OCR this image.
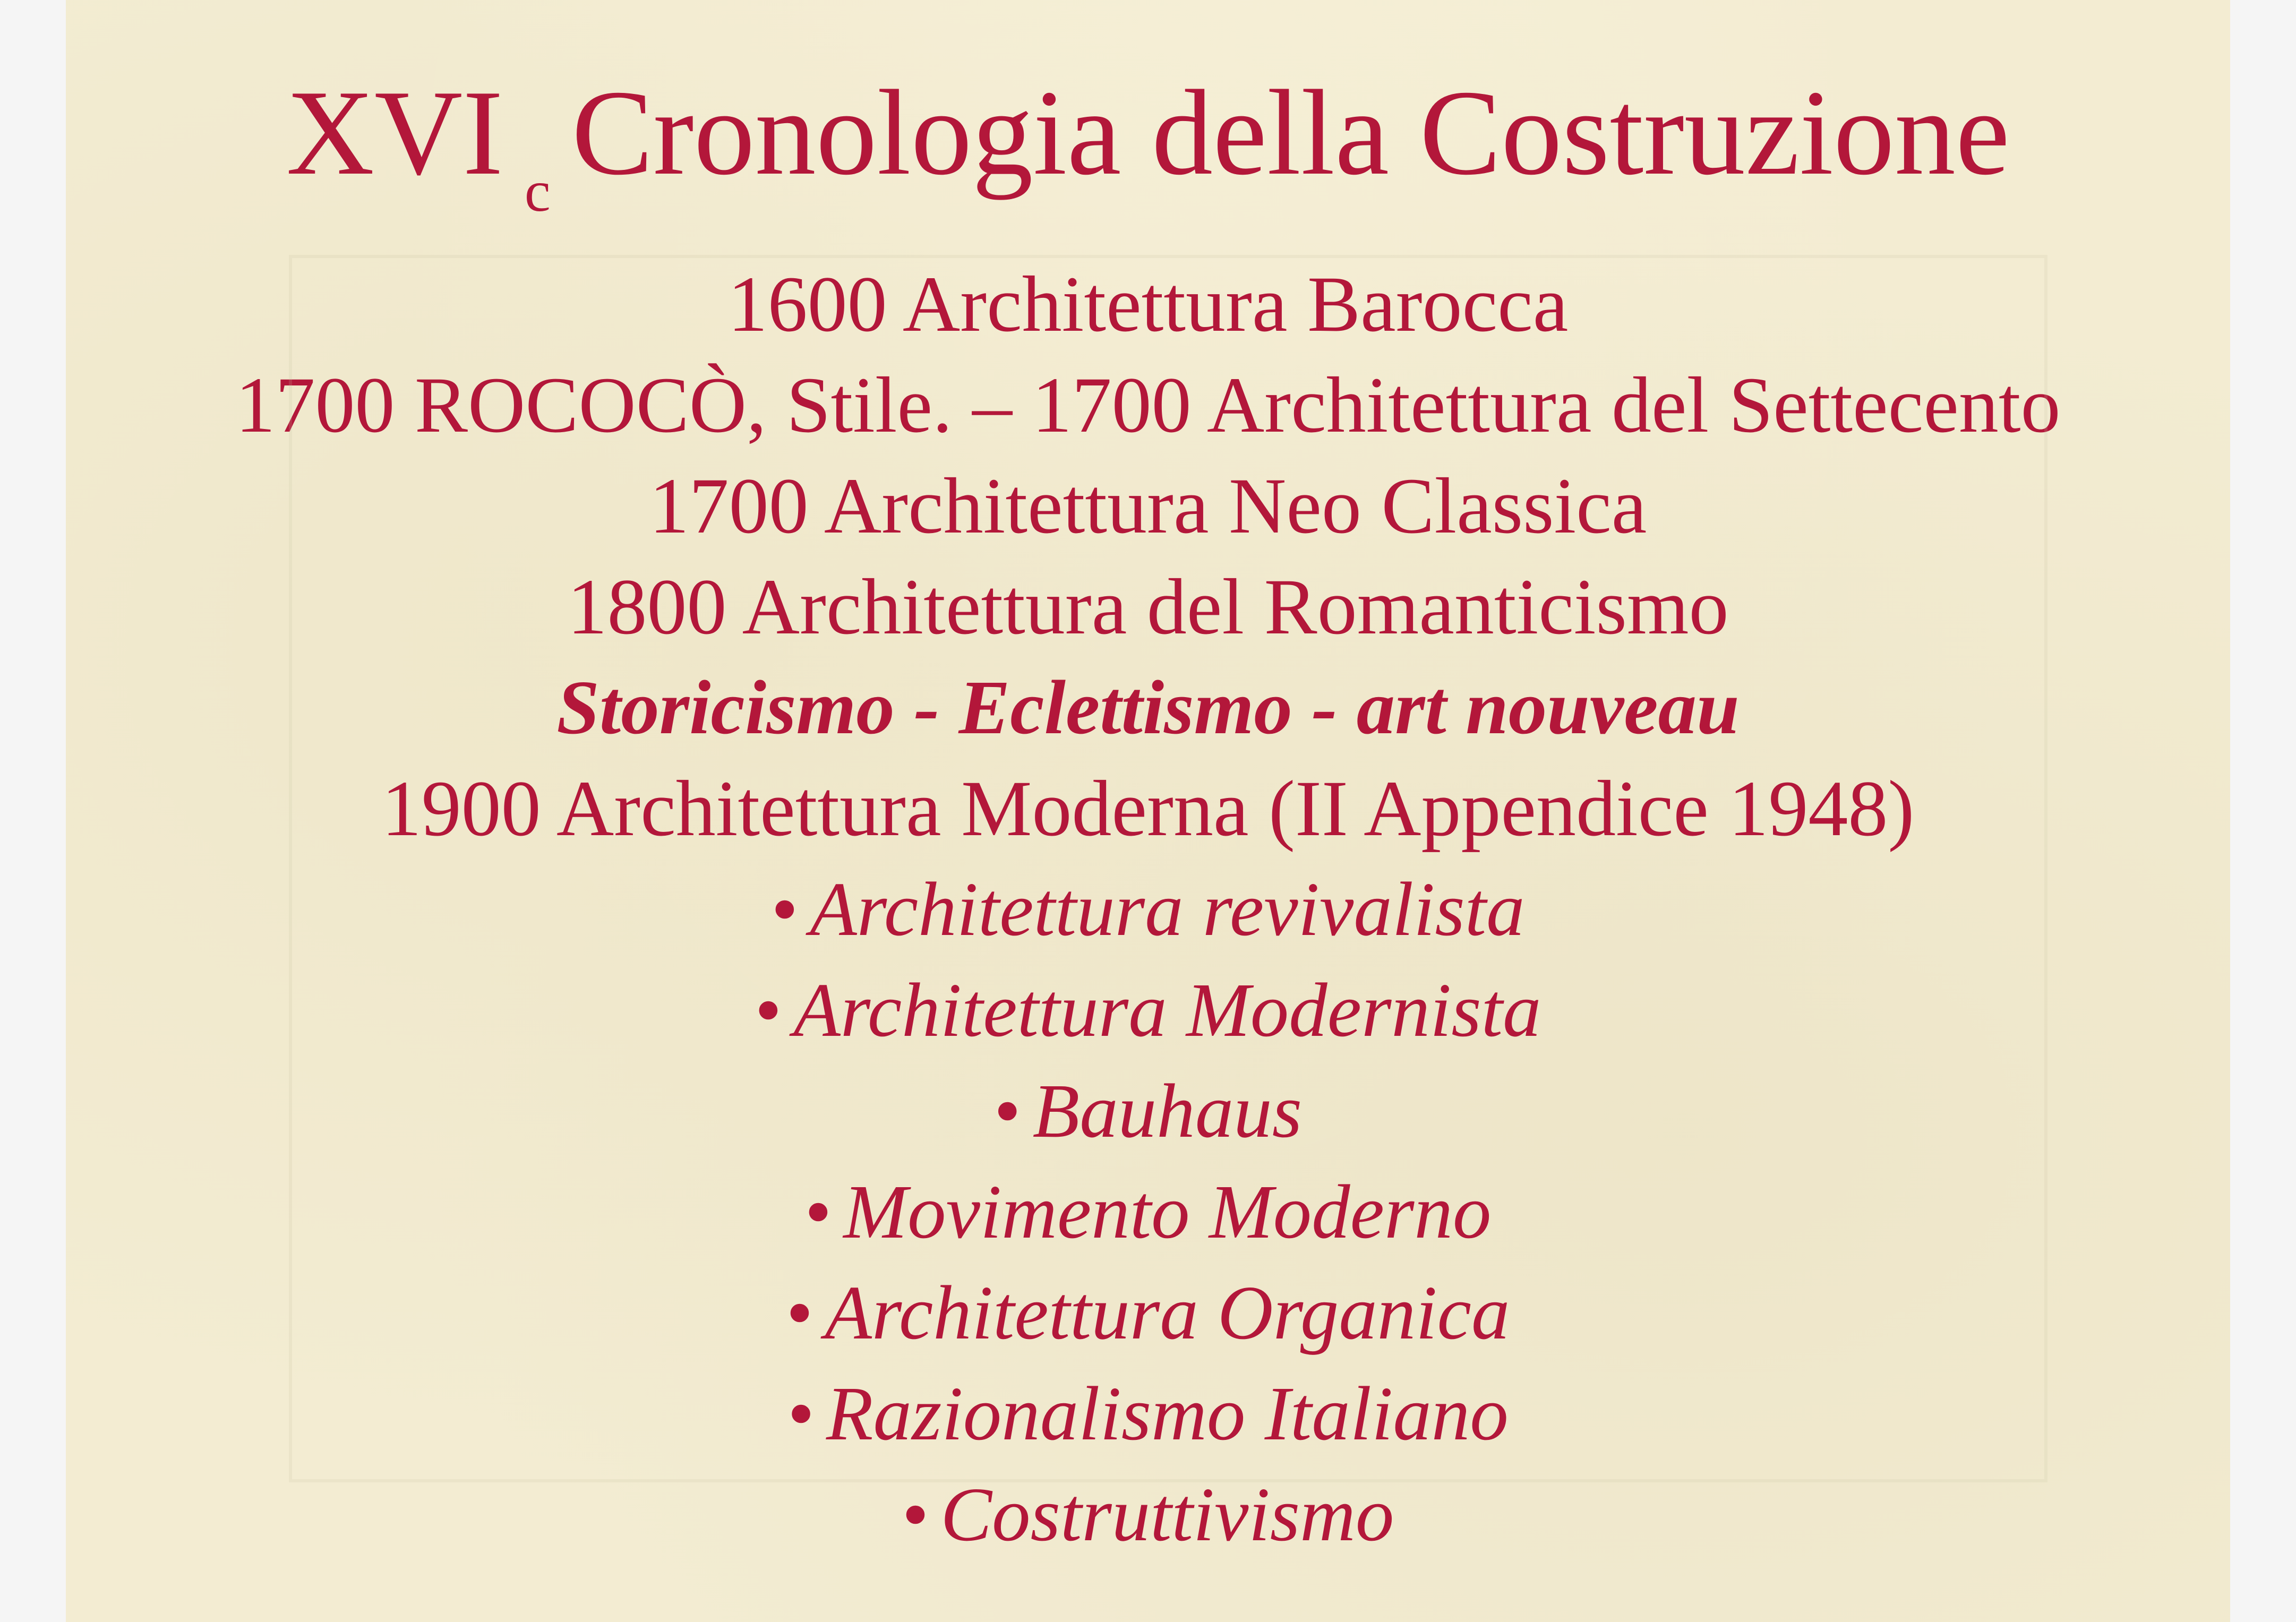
XVI $_c$ Cronologia della Costruzione
1600 Architettura Barocca
1700 ROCOCÒ, Stile. – 1700 Architettura del Settecento
1700 Architettura Neo Classica
1800 Architettura del Romanticismo
Storicismo - Eclettismo - art nouveau
1900 Architettura Moderna (II Appendice 1948)
• Architettura revivalista
• Architettura Modernista
• Bauhaus
• Movimento Moderno
• Architettura Organica
• Razionalismo Italiano
• Costruttivismo
